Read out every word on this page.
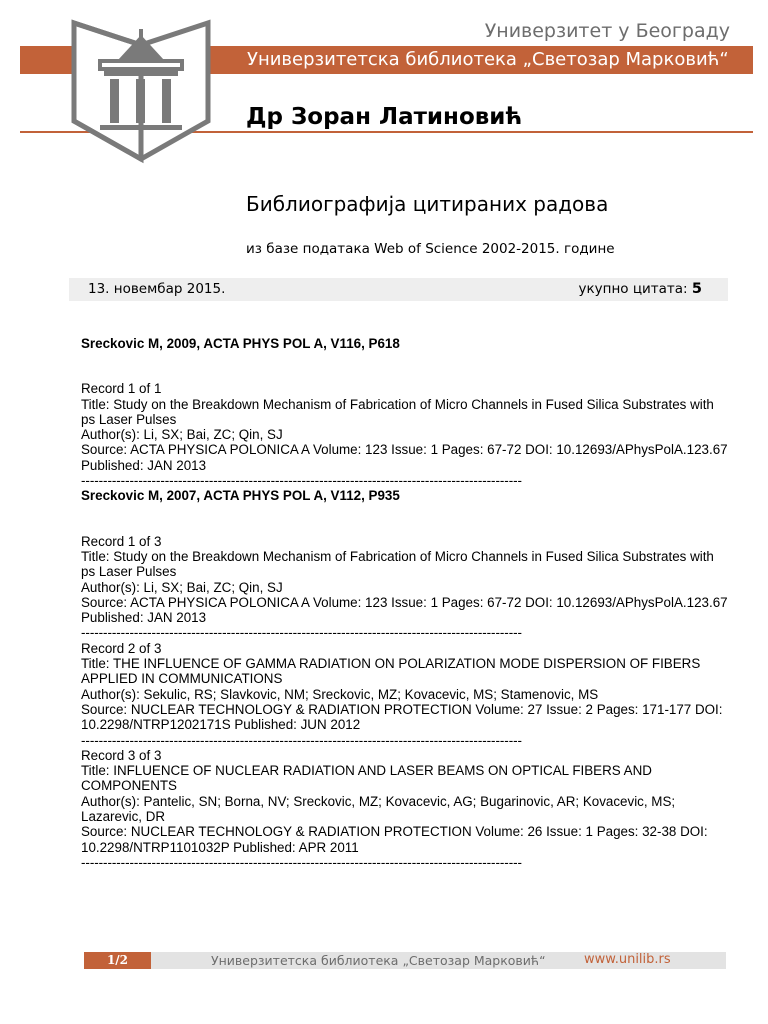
Универзитет у Београду
Универзитетска библиотека „Светозар Марковић“
Др Зоран Латиновић
Библиографија цитираних радова
из базе података Web of Science 2002-2015. године
13. новембар 2015.	укупно цитата: 5

Sreckovic M, 2009, ACTA PHYS POL A, V116, P618

Record 1 of 1

Title: Study on the Breakdown Mechanism of Fabrication of Micro Channels in Fused Silica Substrates with ps Laser Pulses

Author(s): Li, SX; Bai, ZC; Qin, SJ

Source: ACTA PHYSICA POLONICA A Volume: 123 Issue: 1 Pages: 67-72 DOI: 10.12693/APhysPolA.123.67 Published: JAN 2013

----------------------------------------------------------------------------------------------------

Sreckovic M, 2007, ACTA PHYS POL A, V112, P935

Record 1 of 3

Title: Study on the Breakdown Mechanism of Fabrication of Micro Channels in Fused Silica Substrates with ps Laser Pulses

Author(s): Li, SX; Bai, ZC; Qin, SJ

Source: ACTA PHYSICA POLONICA A Volume: 123 Issue: 1 Pages: 67-72 DOI: 10.12693/APhysPolA.123.67 Published: JAN 2013

----------------------------------------------------------------------------------------------------

Record 2 of 3

Title: THE INFLUENCE OF GAMMA RADIATION ON POLARIZATION MODE DISPERSION OF FIBERS APPLIED IN COMMUNICATIONS

Author(s): Sekulic, RS; Slavkovic, NM; Sreckovic, MZ; Kovacevic, MS; Stamenovic, MS

Source: NUCLEAR TECHNOLOGY & RADIATION PROTECTION Volume: 27 Issue: 2 Pages: 171-177 DOI: 10.2298/NTRP1202171S Published: JUN 2012

----------------------------------------------------------------------------------------------------

Record 3 of 3

Title: INFLUENCE OF NUCLEAR RADIATION AND LASER BEAMS ON OPTICAL FIBERS AND COMPONENTS

Author(s): Pantelic, SN; Borna, NV; Sreckovic, MZ; Kovacevic, AG; Bugarinovic, AR; Kovacevic, MS; Lazarevic, DR

Source: NUCLEAR TECHNOLOGY & RADIATION PROTECTION Volume: 26 Issue: 1 Pages: 32-38 DOI: 10.2298/NTRP1101032P Published: APR 2011

----------------------------------------------------------------------------------------------------
1/2	Универзитетска библиотека „Светозар Марковић“	www.unilib.rs
